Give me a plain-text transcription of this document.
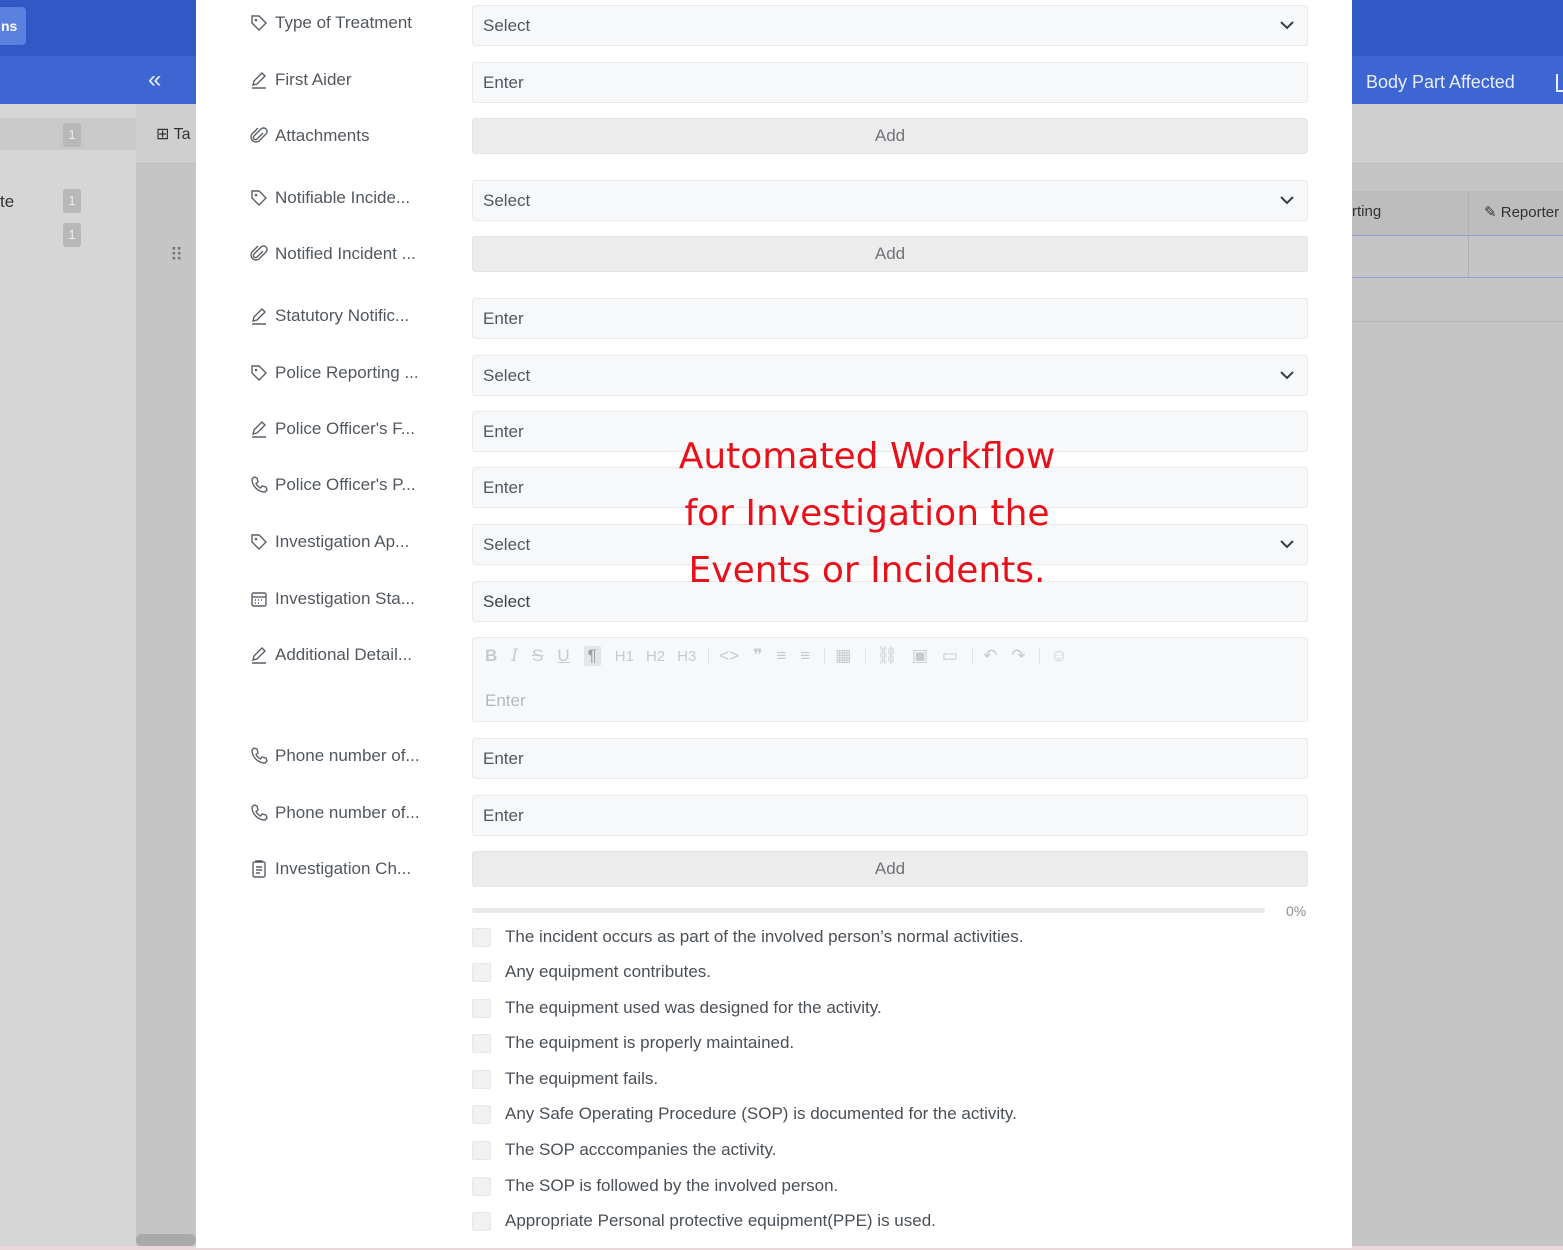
ns
«	Body Part Affected
1
te	1
1
⊞ Ta
⠿
rting	✎ Reporter
Type of Treatment	Select
First Aider	Enter
Attachments	Add
Notifiable Incide...	Select
Notified Incident ...	Add
Statutory Notific...	Enter
Police Reporting ...	Select
Police Officer's F...	Enter
Police Officer's P...	Enter
Investigation Ap...	Select
Investigation Sta...	Select
Additional Detail...	B I S U ¶ H1 H2 H3 <> ❞ ≡ ≡ ▦ ⛓ ▣ ▭ ↶ ↷ ☺
Enter
Phone number of...	Enter
Phone number of...	Enter
Investigation Ch...	Add
0%
The incident occurs as part of the involved person’s normal activities.
Any equipment contributes.
The equipment used was designed for the activity.
The equipment is properly maintained.
The equipment fails.
Any Safe Operating Procedure (SOP) is documented for the activity.
The SOP acccompanies the activity.
The SOP is followed by the involved person.
Appropriate Personal protective equipment(PPE) is used.
Automated Workflow
for Investigation the
Events or Incidents.
